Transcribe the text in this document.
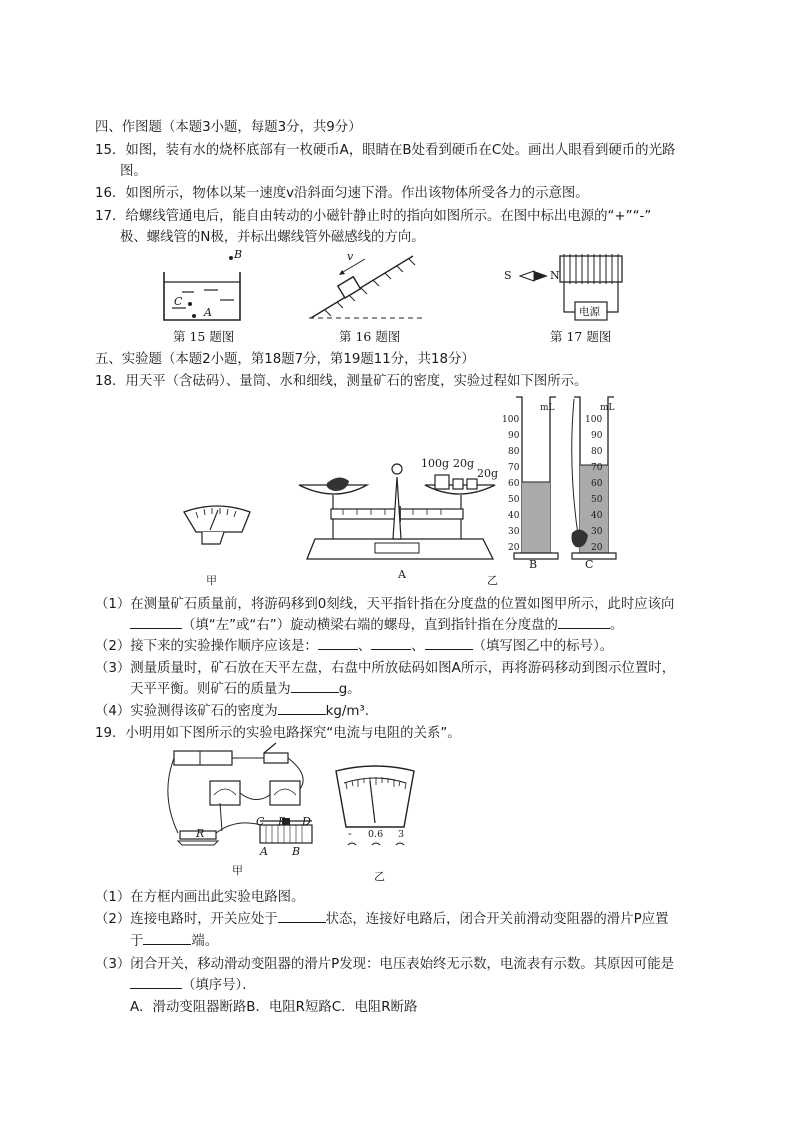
四、作图题（本题3小题，每题3分，共9分）
15．如图，装有水的烧杯底部有一枚硬币A，眼睛在B处看到硬币在C处。画出人眼看到硬币的光路
图。
16．如图所示，物体以某一速度v沿斜面匀速下滑。作出该物体所受各力的示意图。
17．给螺线管通电后，能自由转动的小磁针静止时的指向如图所示。在图中标出电源的“+”“-”
极、螺线管的N极，并标出螺线管外磁感线的方向。
B
C
A
第 15 题图
v
第 16 题图
S	N
电源
第 17 题图
五、实验题（本题2小题，第18题7分，第19题11分，共18分）
18．用天平（含砝码）、量筒、水和细线，测量矿石的密度，实验过程如下图所示。
甲
100g 20g
20g
A	乙
100
90
80
70
60
50
40
30
20
mL
B
100
90
80
70
60
50
40
30
20
mL
C
（1）在测量矿石质量前，将游码移到0刻线，天平指针指在分度盘的位置如图甲所示，此时应该向
（填“左”或“右”）旋动横梁右端的螺母，直到指针指在分度盘的	。
（2）接下来的实验操作顺序应该是：	、	、	（填写图乙中的标号）。
（3）测量质量时，矿石放在天平左盘，右盘中所放砝码如图A所示，再将游码移动到图示位置时，
天平平衡。则矿石的质量为	g。
（4）实验测得该矿石的密度为	kg/m³.
19．小明用如下图所示的实验电路探究“电流与电阻的关系”。
R
C P D
A B
甲
- 0.6 3
乙
（1）在方框内画出此实验电路图。
（2）连接电路时，开关应处于	状态，连接好电路后，闭合开关前滑动变阻器的滑片P应置
于	端。
（3）闭合开关，移动滑动变阻器的滑片P发现：电压表始终无示数，电流表有示数。其原因可能是
（填序号）．
A．滑动变阻器断路B．电阻R短路C．电阻R断路
